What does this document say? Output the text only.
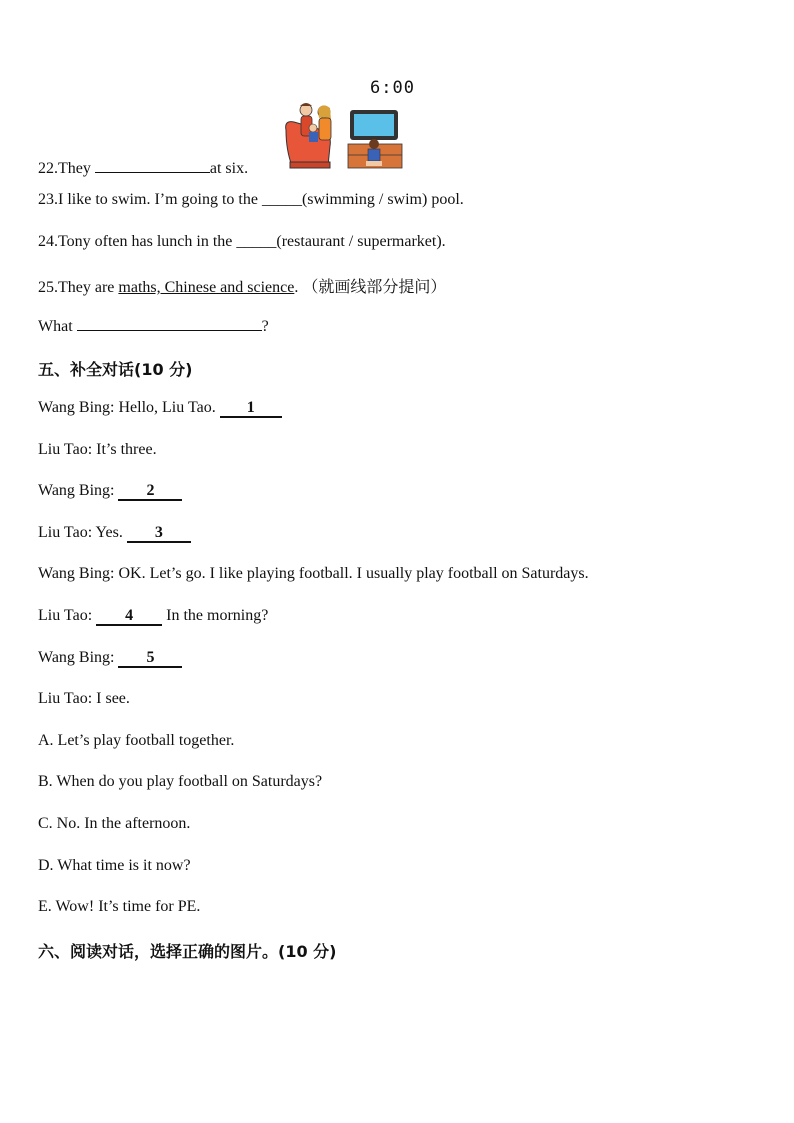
6:00
22.They	at six.
23.I like to swim. I’m going to the _____(swimming / swim) pool.
24.Tony often has lunch in the _____(restaurant / supermarket).
25.They are maths, Chinese and science. （就画线部分提问）
What	?
五、补全对话(10 分)
Wang Bing: Hello, Liu Tao. 1
Liu Tao: It’s three.
Wang Bing: 2
Liu Tao: Yes. 3
Wang Bing: OK. Let’s go. I like playing football. I usually play football on Saturdays.
Liu Tao: 4 In the morning?
Wang Bing: 5
Liu Tao: I see.
A. Let’s play football together.
B. When do you play football on Saturdays?
C. No. In the afternoon.
D. What time is it now?
E. Wow! It’s time for PE.
六、阅读对话，选择正确的图片。(10 分)
